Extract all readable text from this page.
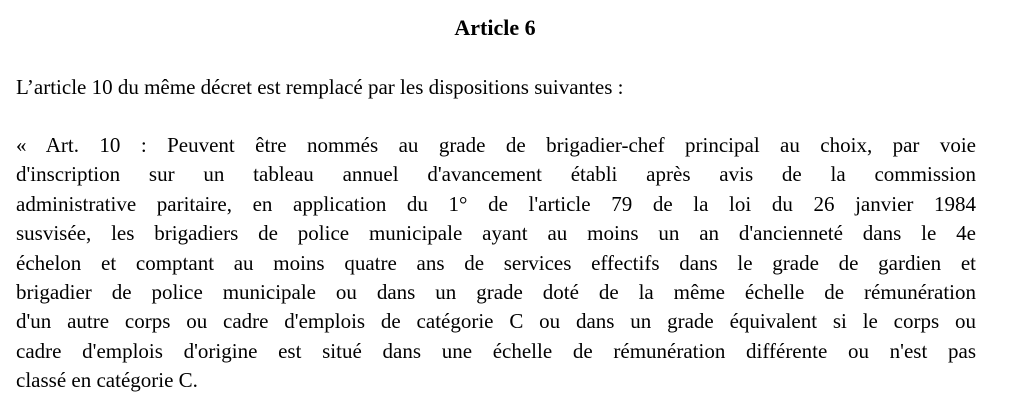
Article 6
L’article 10 du même décret est remplacé par les dispositions suivantes :
« Art. 10 : Peuvent être nommés au grade de brigadier-chef principal au choix, par voie
d'inscription sur un tableau annuel d'avancement établi après avis de la commission
administrative paritaire, en application du 1° de l'article 79 de la loi du 26 janvier 1984
susvisée, les brigadiers de police municipale ayant au moins un an d'ancienneté dans le 4e
échelon et comptant au moins quatre ans de services effectifs dans le grade de gardien et
brigadier de police municipale ou dans un grade doté de la même échelle de rémunération
d'un autre corps ou cadre d'emplois de catégorie C ou dans un grade équivalent si le corps ou
cadre d'emplois d'origine est situé dans une échelle de rémunération différente ou n'est pas
classé en catégorie C.
